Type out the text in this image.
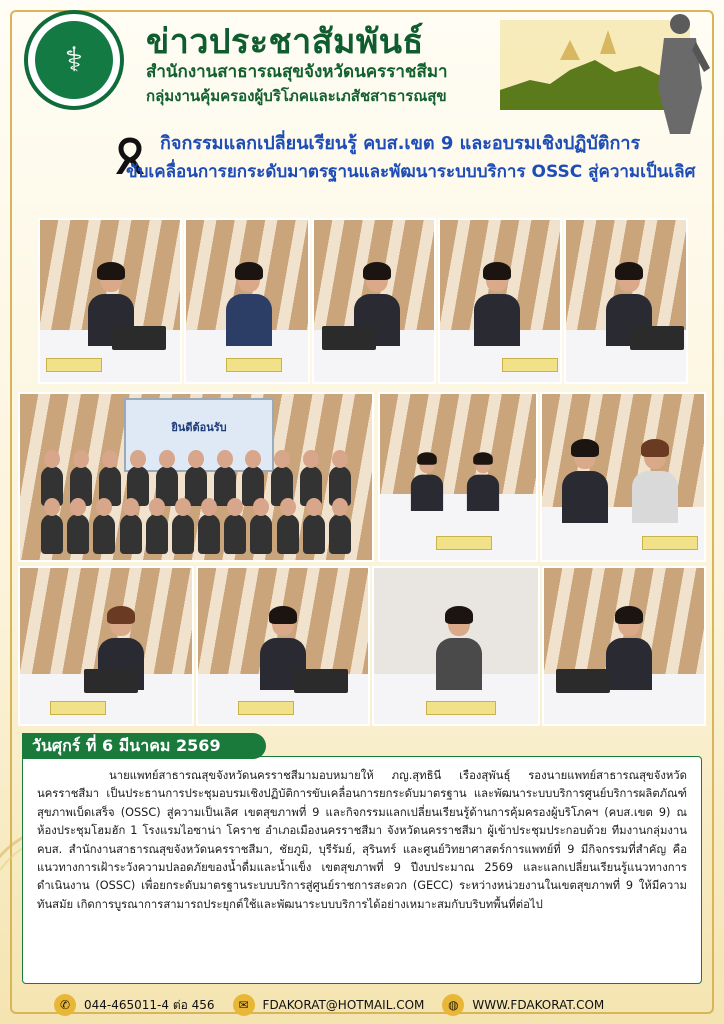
⚕	ข่าวประชาสัมพันธ์
สำนักงานสาธารณสุขจังหวัดนครราชสีมา
กลุ่มงานคุ้มครองผู้บริโภคและเภสัชสาธารณสุข
กิจกรรมแลกเปลี่ยนเรียนรู้ คบส.เขต 9 และอบรมเชิงปฏิบัติการ
ขับเคลื่อนการยกระดับมาตรฐานและพัฒนาระบบบริการ OSSC สู่ความเป็นเลิศ
ยินดีต้อนรับ

นายแพทย์สาธารณสุขจังหวัดนครราชสีมามอบหมายให้ ภญ.สุทธินี เรืองสุพันธุ์ รองนายแพทย์สาธารณสุขจังหวัดนครราชสีมา เป็นประธานการประชุมอบรมเชิงปฏิบัติการขับเคลื่อนการยกระดับมาตรฐาน และพัฒนาระบบบริการศูนย์บริการผลิตภัณฑ์สุขภาพเบ็ดเสร็จ (OSSC) สู่ความเป็นเลิศ เขตสุขภาพที่ 9 และกิจกรรมแลกเปลี่ยนเรียนรู้ด้านการคุ้มครองผู้บริโภคฯ (คบส.เขต 9) ณ ห้องประชุมโฮมฮัก 1 โรงแรมไอซาน่า โคราช อำเภอเมืองนครราชสีมา จังหวัดนครราชสีมา ผู้เข้าประชุมประกอบด้วย ทีมงานกลุ่มงาน คบส. สำนักงานสาธารณสุขจังหวัดนครราชสีมา, ชัยภูมิ, บุรีรัมย์, สุรินทร์ และศูนย์วิทยาศาสตร์การแพทย์ที่ 9 มีกิจกรรมที่สำคัญ คือ แนวทางการเฝ้าระวังความปลอดภัยของน้ำดื่มและน้ำแข็ง เขตสุขภาพที่ 9 ปีงบประมาณ 2569 และแลกเปลี่ยนเรียนรู้แนวทางการดำเนินงาน (OSSC) เพื่อยกระดับมาตรฐานระบบบริการสู่ศูนย์ราชการสะดวก (GECC) ระหว่างหน่วยงานในเขตสุขภาพที่ 9 ให้มีความทันสมัย เกิดการบูรณาการสามารถประยุกต์ใช้และพัฒนาระบบบริการได้อย่างเหมาะสมกับบริบทพื้นที่ต่อไป

วันศุกร์ ที่ 6 มีนาคม 2569
✆	044-465011-4 ต่อ 456	✉	FDAKORAT@HOTMAIL.COM	◍	WWW.FDAKORAT.COM
